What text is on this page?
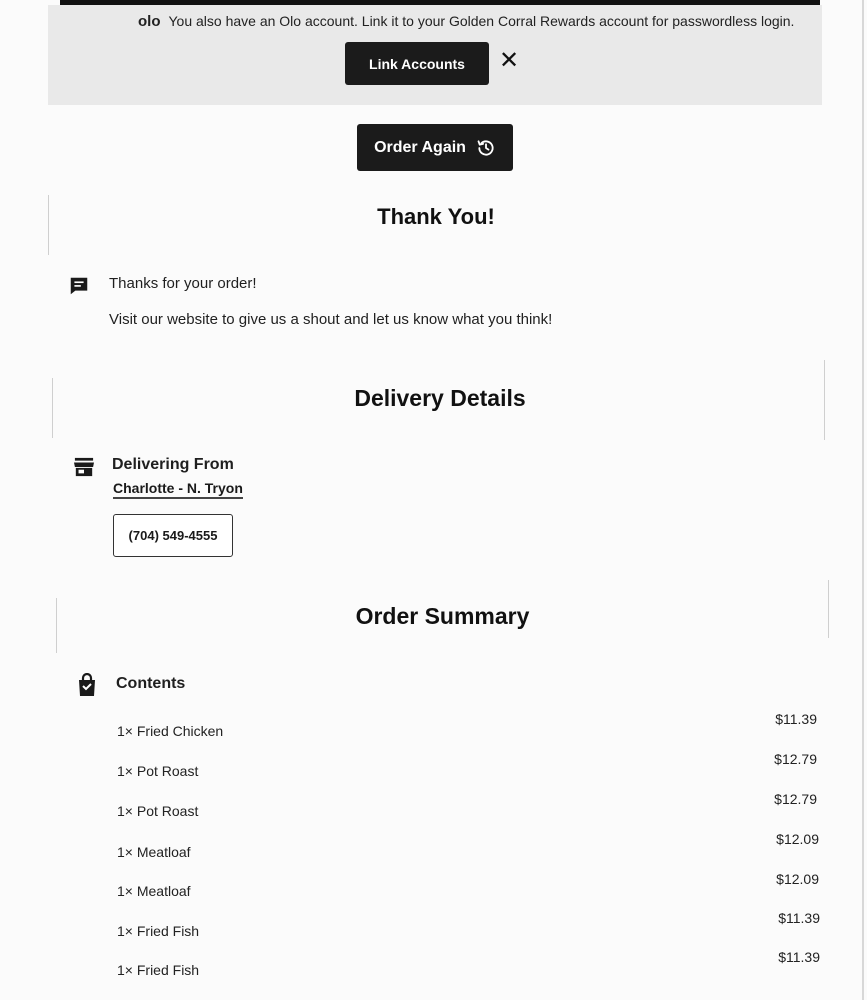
olo You also have an Olo account. Link it to your Golden Corral Rewards account for passwordless login.
Link Accounts	✕
Order Again
Thank You!
Thanks for your order!
Visit our website to give us a shout and let us know what you think!
Delivery Details
Delivering From
Charlotte - N. Tryon
(704) 549-4555
Order Summary
Contents
1× Fried Chicken
$11.39
1× Pot Roast
$12.79
1× Pot Roast
$12.79
1× Meatloaf
$12.09
1× Meatloaf
$12.09
1× Fried Fish
$11.39
1× Fried Fish
$11.39
